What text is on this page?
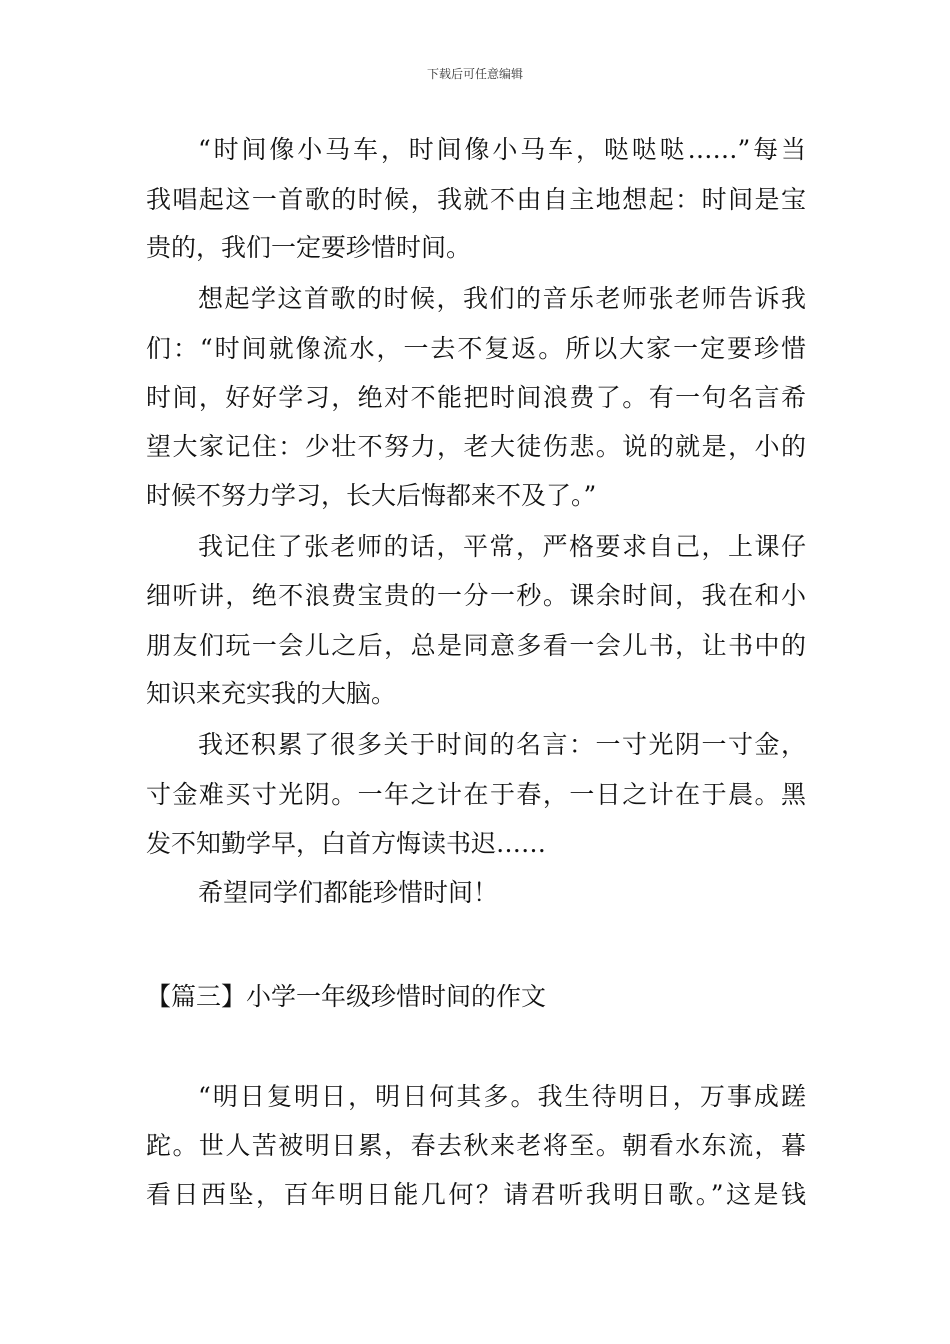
下载后可任意编辑
“时间像小马车，时间像小马车，哒哒哒……”每当
我唱起这一首歌的时候，我就不由自主地想起：时间是宝
贵的，我们一定要珍惜时间。
想起学这首歌的时候，我们的音乐老师张老师告诉我
们：“时间就像流水，一去不复返。所以大家一定要珍惜
时间，好好学习，绝对不能把时间浪费了。有一句名言希
望大家记住：少壮不努力，老大徒伤悲。说的就是，小的
时候不努力学习，长大后悔都来不及了。”
我记住了张老师的话，平常，严格要求自己，上课仔
细听讲，绝不浪费宝贵的一分一秒。课余时间，我在和小
朋友们玩一会儿之后，总是同意多看一会儿书，让书中的
知识来充实我的大脑。
我还积累了很多关于时间的名言：一寸光阴一寸金，
寸金难买寸光阴。一年之计在于春，一日之计在于晨。黑
发不知勤学早，白首方悔读书迟……
希望同学们都能珍惜时间！
【篇三】小学一年级珍惜时间的作文
“明日复明日，明日何其多。我生待明日，万事成蹉
跎。世人苦被明日累，春去秋来老将至。朝看水东流，暮
看日西坠，百年明日能几何？请君听我明日歌。”这是钱
